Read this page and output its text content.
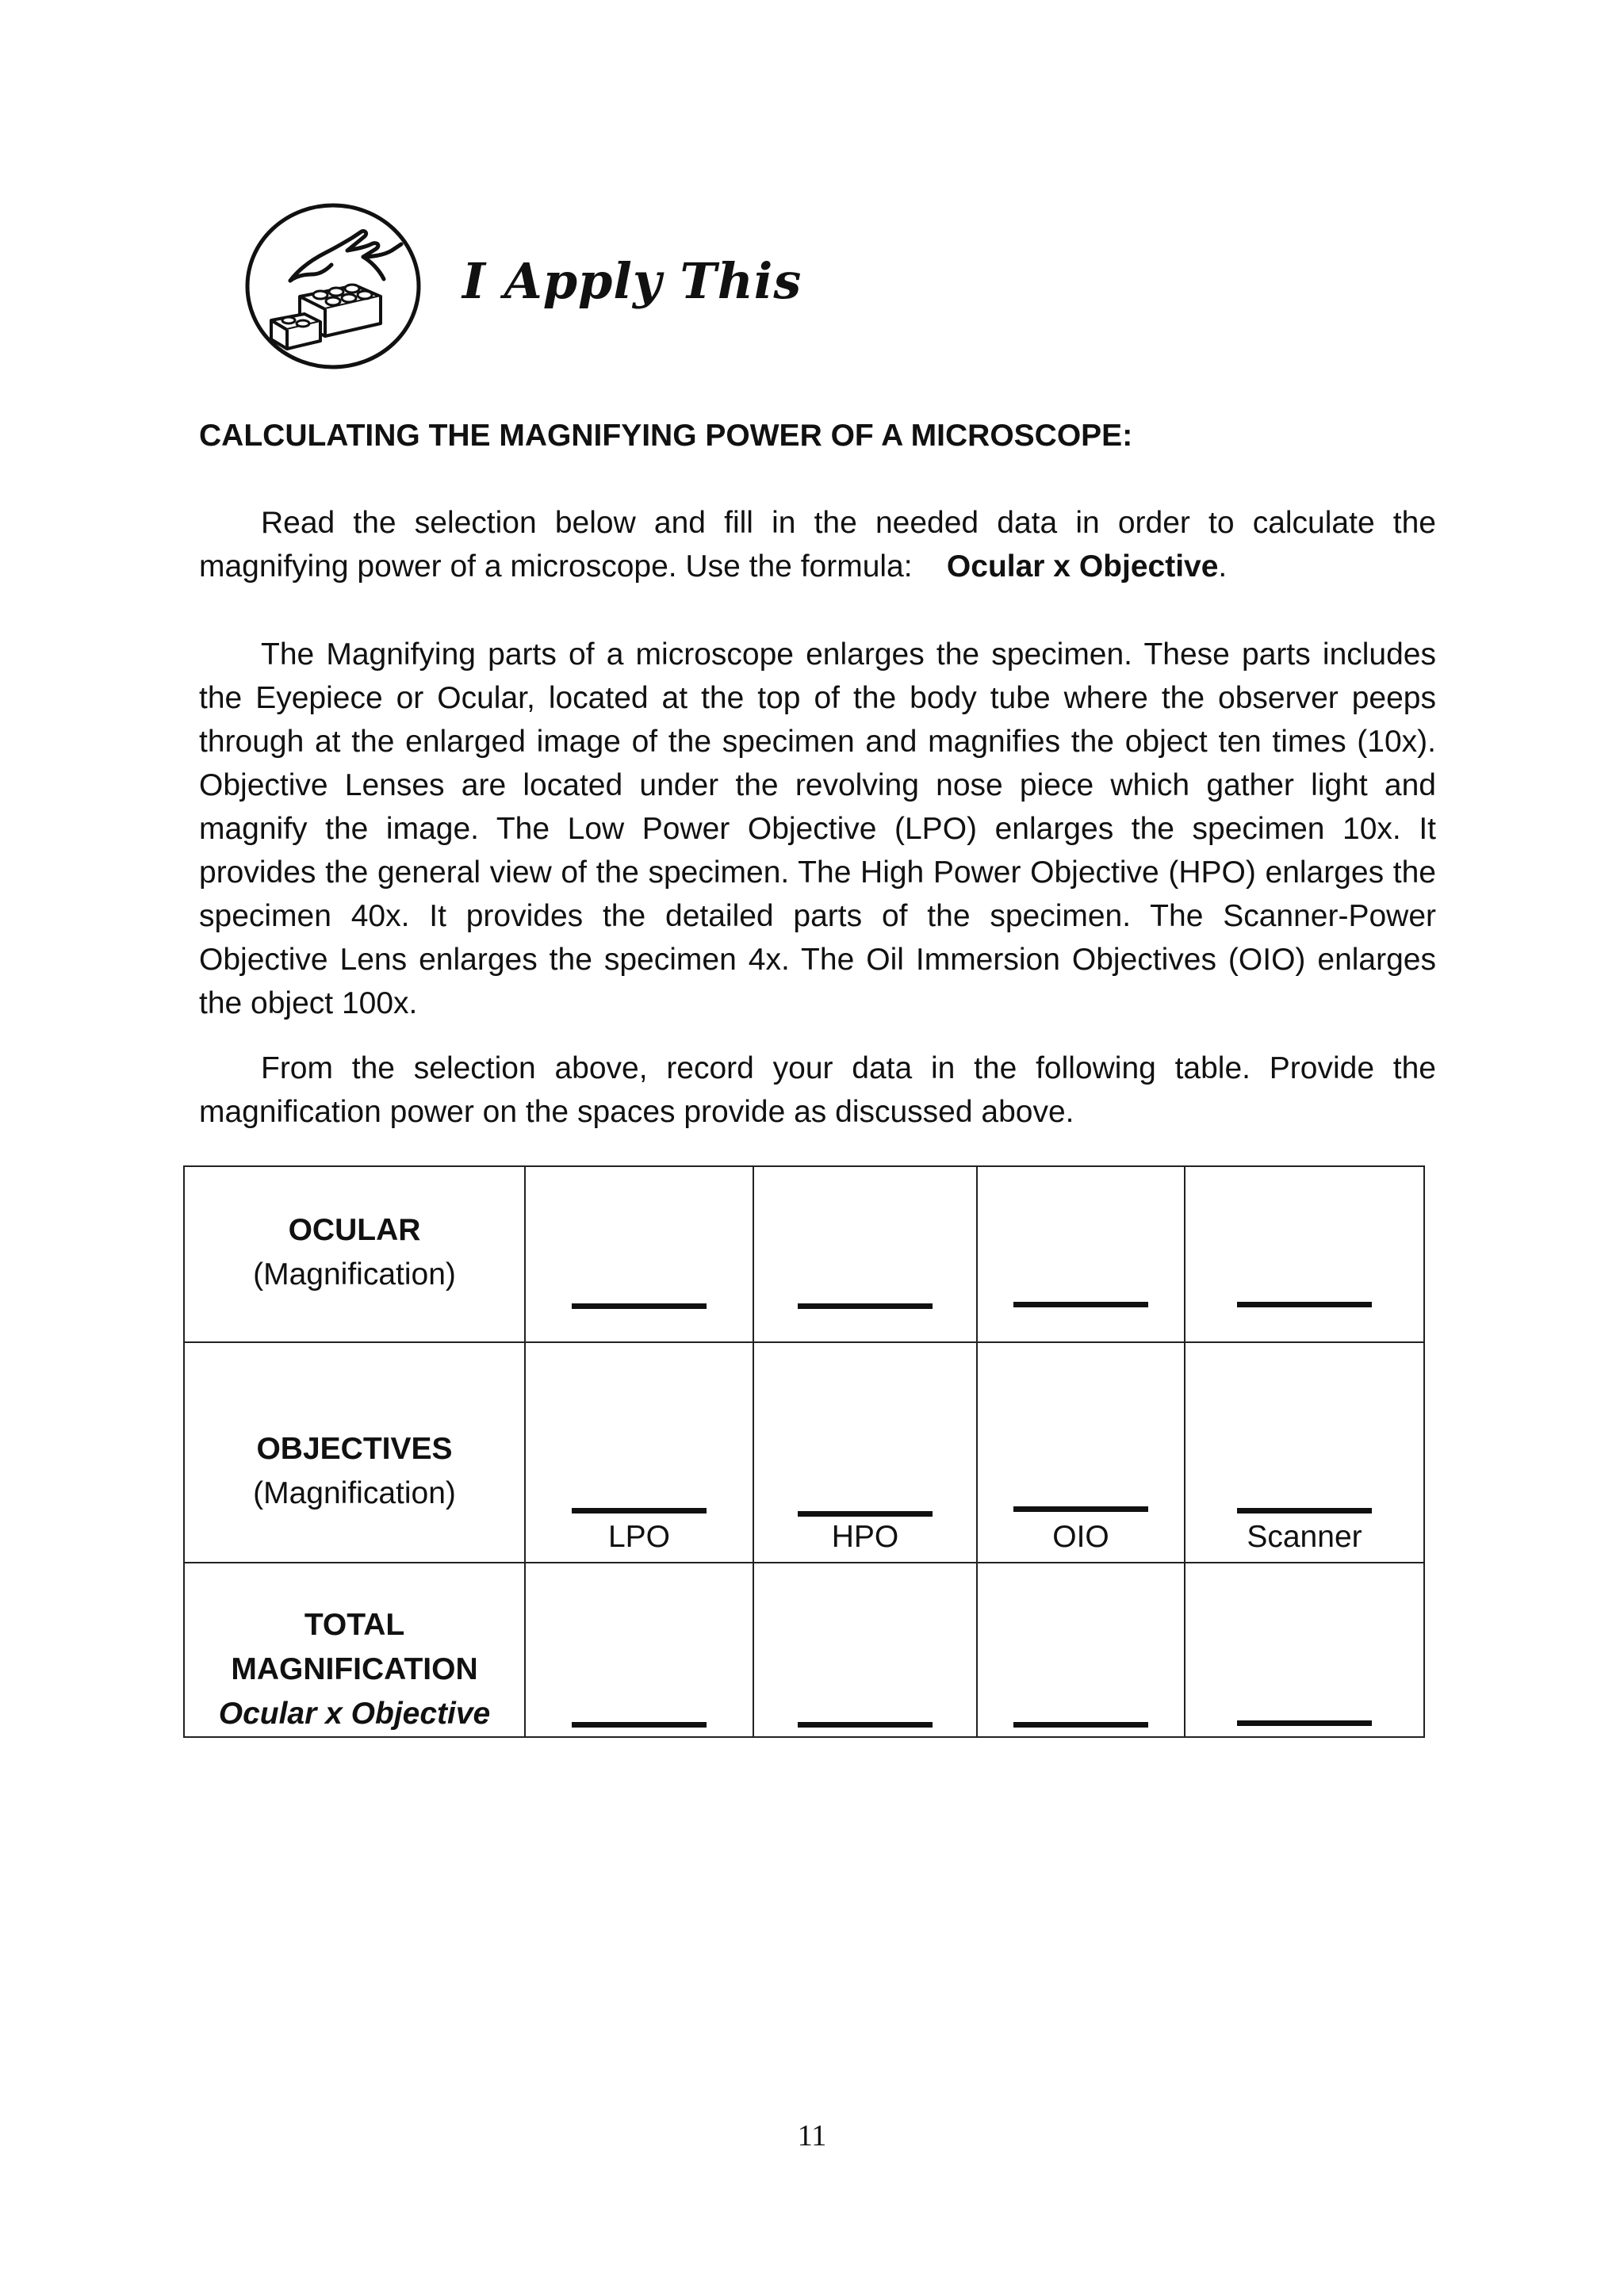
I Apply This
CALCULATING THE MAGNIFYING POWER OF A MICROSCOPE:

Read the selection below and fill in the needed data in order to calculate the magnifying power of a microscope. Use the formula: Ocular x Objective.

The Magnifying parts of a microscope enlarges the specimen. These parts includes the Eyepiece or Ocular, located at the top of the body tube where the observer peeps through at the enlarged image of the specimen and magnifies the object ten times (10x). Objective Lenses are located under the revolving nose piece which gather light and magnify the image. The Low Power Objective (LPO) enlarges the specimen 10x. It provides the general view of the specimen. The High Power Objective (HPO) enlarges the specimen 40x. It provides the detailed parts of the specimen. The Scanner-Power Objective Lens enlarges the specimen 4x. The Oil Immersion Objectives (OIO) enlarges the object 100x.

From the selection above, record your data in the following table. Provide the magnification power on the spaces provide as discussed above.

OCULAR
(Magnification)				

OBJECTIVES
(Magnification)	LPO	HPO	OIO	Scanner

TOTAL
MAGNIFICATION
Ocular x Objective				

11
